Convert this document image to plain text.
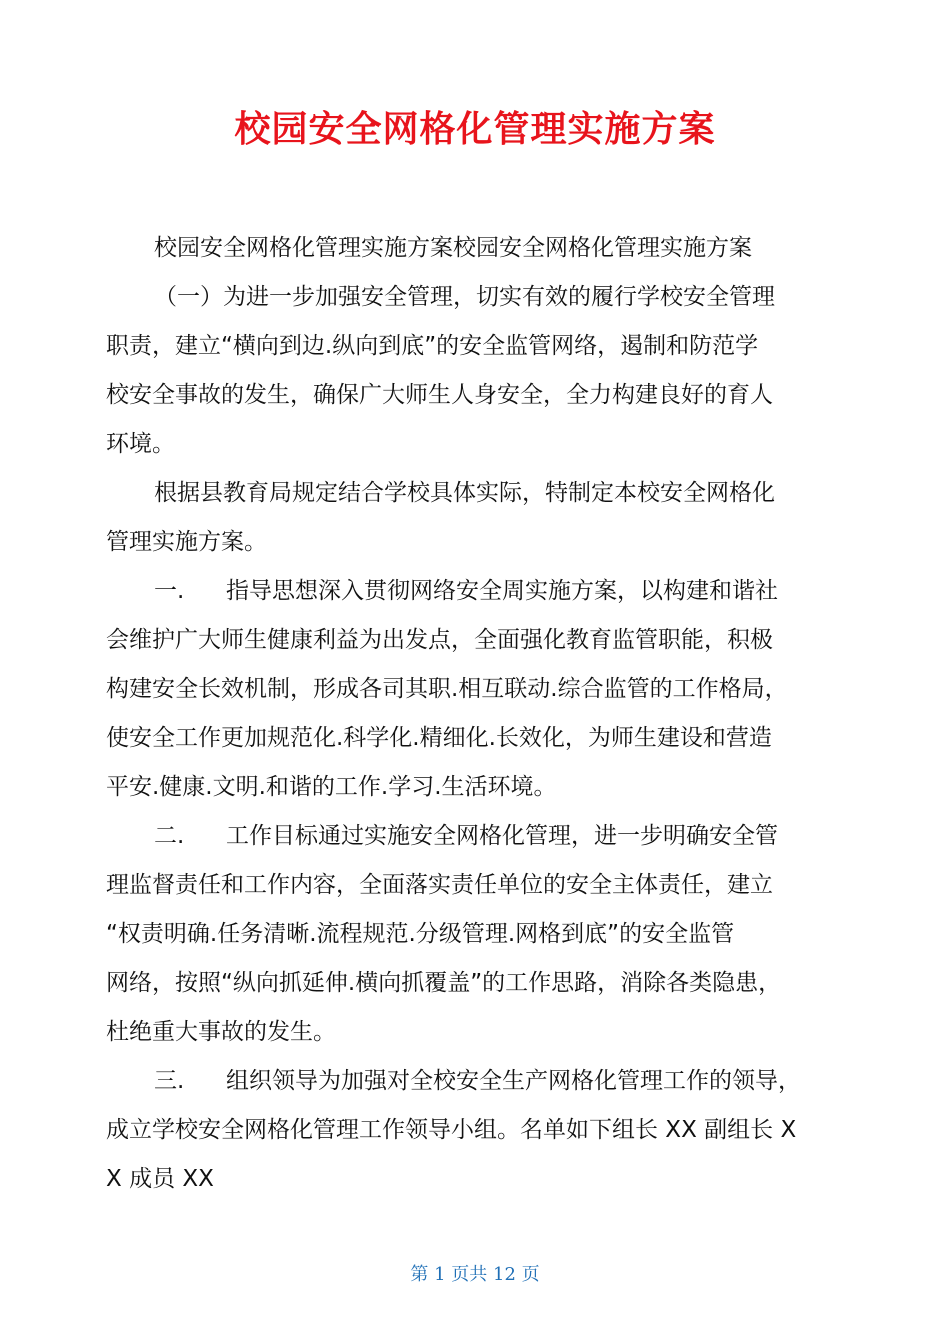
校园安全网格化管理实施方案
校园安全网格化管理实施方案校园安全网格化管理实施方案
（一）为进一步加强安全管理，切实有效的履行学校安全管理
职责，建立“横向到边.纵向到底”的安全监管网络，遏制和防范学
校安全事故的发生，确保广大师生人身安全，全力构建良好的育人
环境。
根据县教育局规定结合学校具体实际，特制定本校安全网格化
管理实施方案。
一. 指导思想深入贯彻网络安全周实施方案，以构建和谐社
会维护广大师生健康利益为出发点，全面强化教育监管职能，积极
构建安全长效机制，形成各司其职.相互联动.综合监管的工作格局，
使安全工作更加规范化.科学化.精细化.长效化，为师生建设和营造
平安.健康.文明.和谐的工作.学习.生活环境。
二. 工作目标通过实施安全网格化管理，进一步明确安全管
理监督责任和工作内容，全面落实责任单位的安全主体责任，建立
“权责明确.任务清晰.流程规范.分级管理.网格到底”的安全监管
网络，按照“纵向抓延伸.横向抓覆盖”的工作思路，消除各类隐患，
杜绝重大事故的发生。
三. 组织领导为加强对全校安全生产网格化管理工作的领导，
成立学校安全网格化管理工作领导小组。名单如下组长 XX 副组长 X
X 成员 XX
第 1 页共 12 页
